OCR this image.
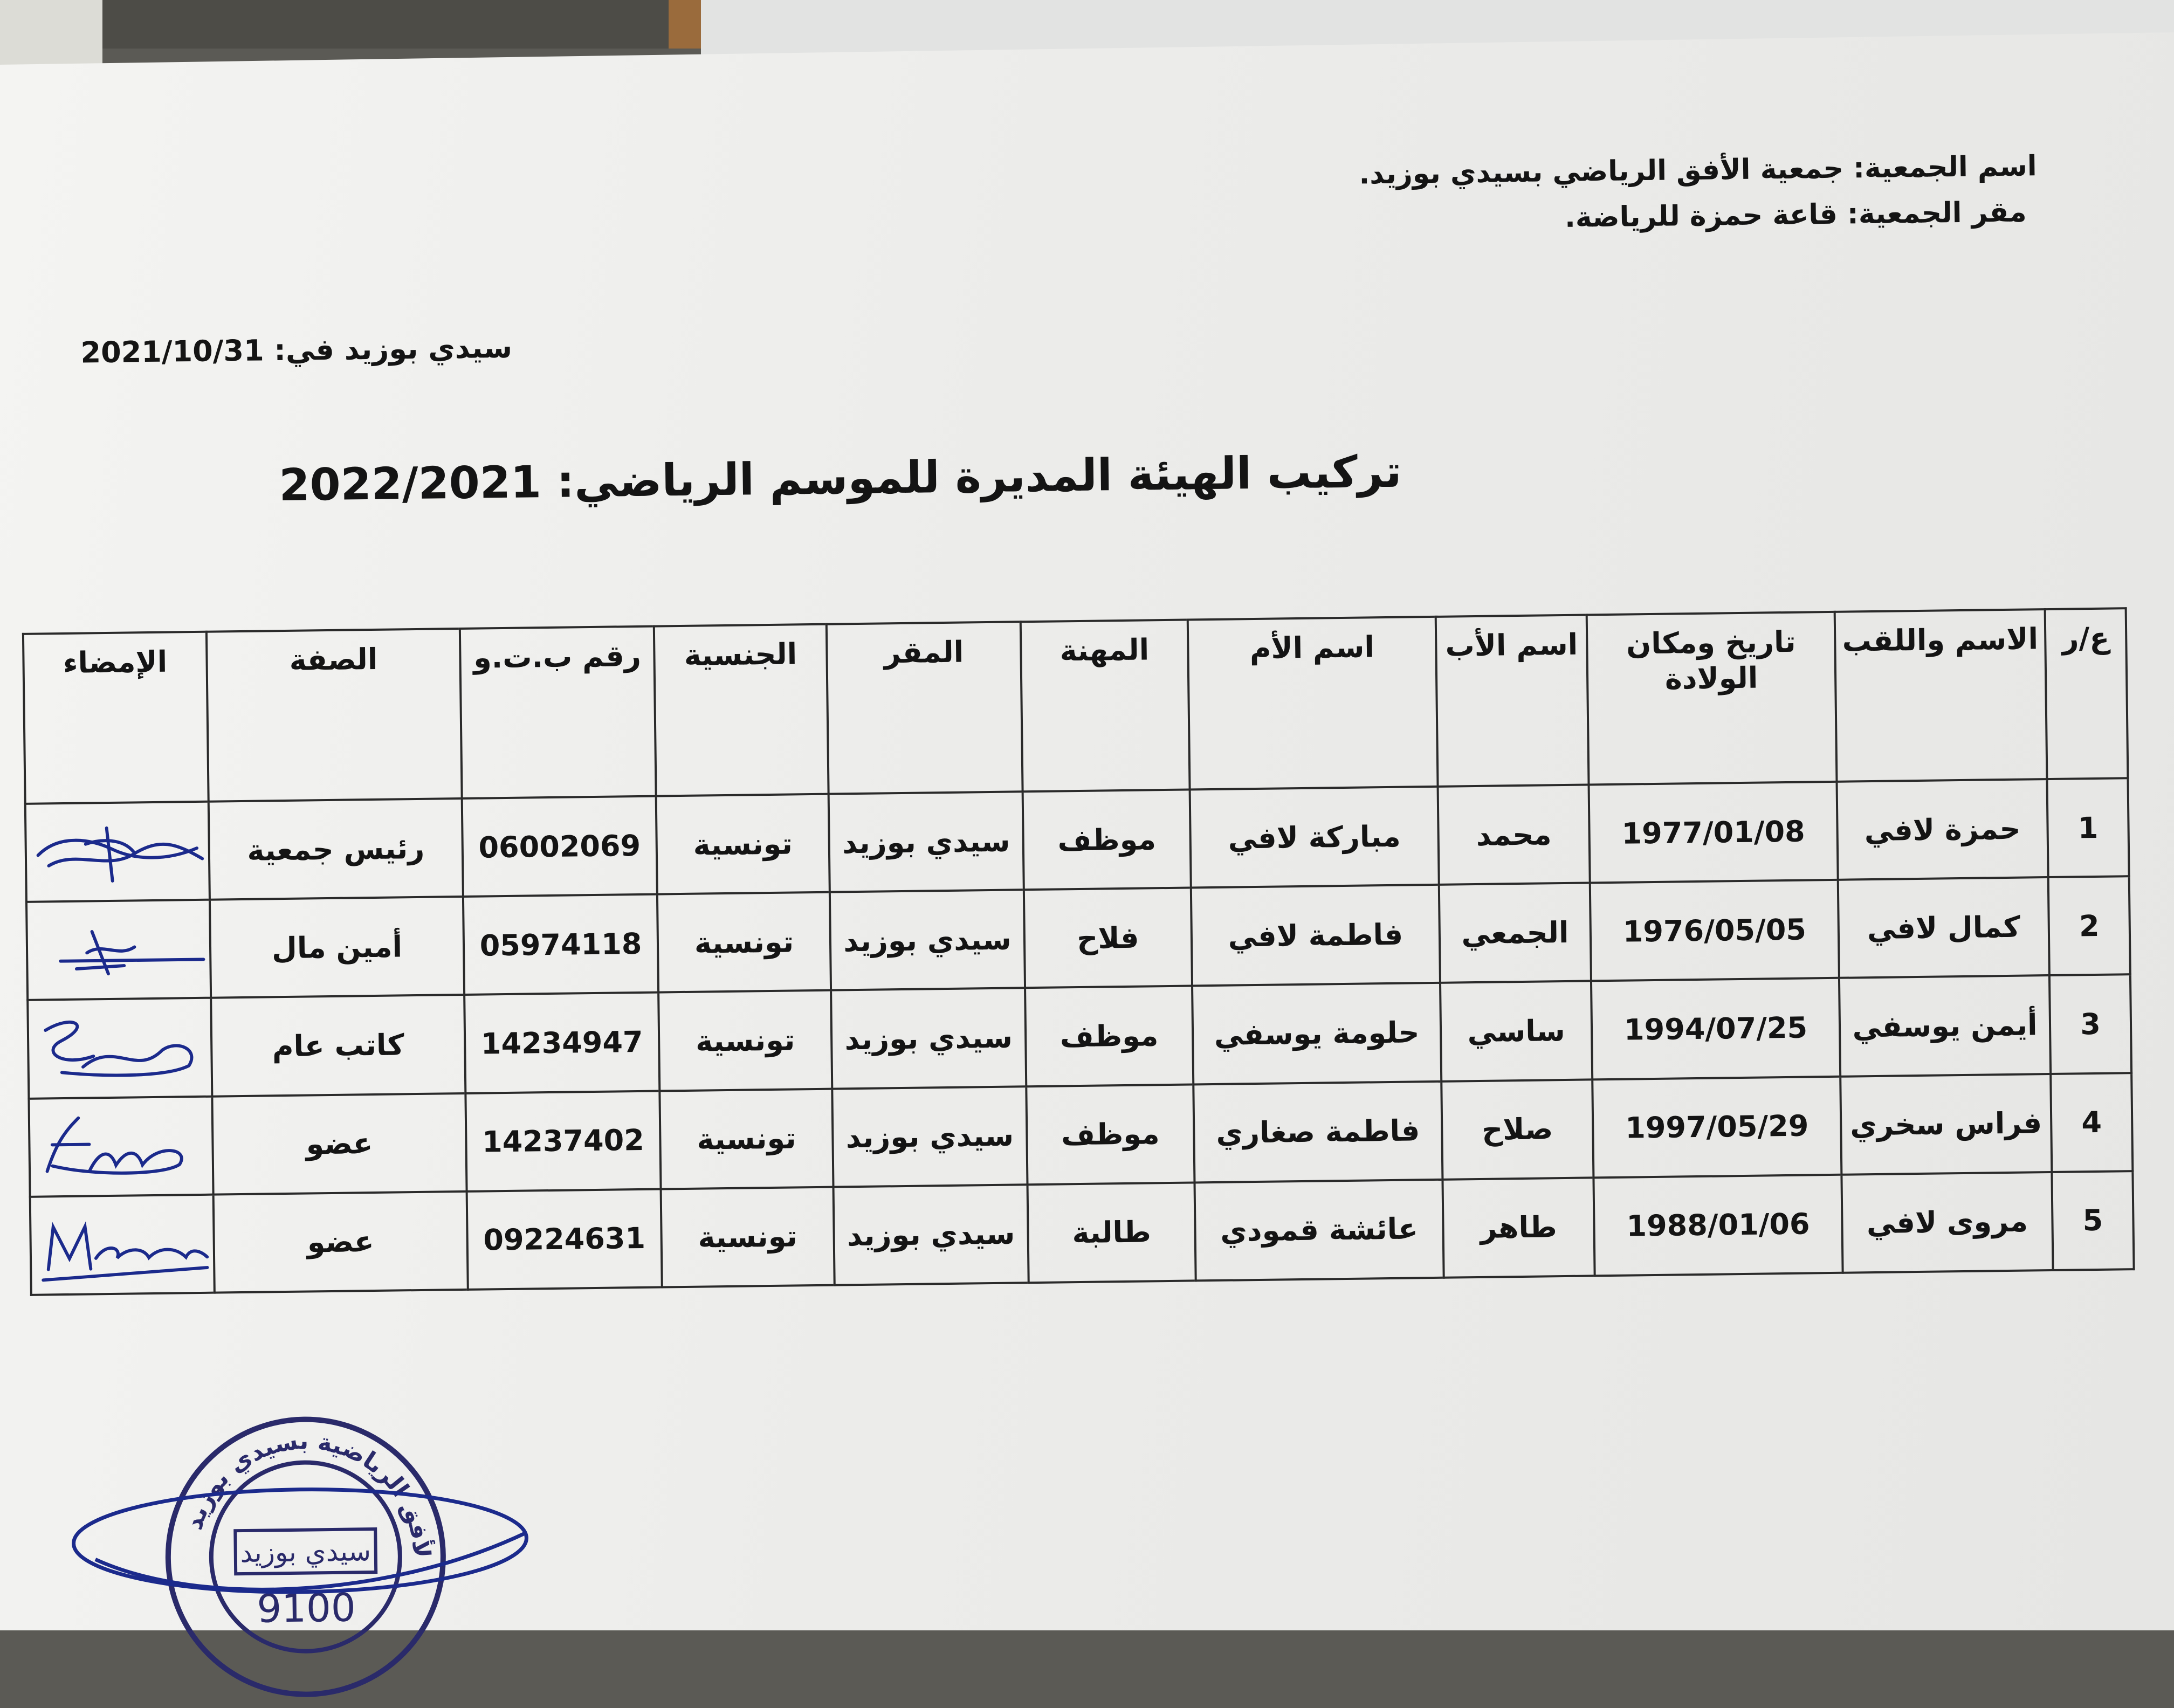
اسم الجمعية: جمعية الأفق الرياضي بسيدي بوزيد.
مقر الجمعية: قاعة حمزة للرياضة.
سيدي بوزيد في: 2021/10/31
تركيب الهيئة المديرة للموسم الرياضي: 2022/2021
ع/ر	الاسم واللقب	تاريخ ومكان الولادة	اسم الأب	اسم الأم	المهنة	المقر	الجنسية	رقم ب.ت.و	الصفة	الإمضاء
1	حمزة لافي	1977/01/08	محمد	مباركة لافي	موظف	سيدي بوزيد	تونسية	06002069	رئيس جمعية	

2	كمال لافي	1976/05/05	الجمعي	فاطمة لافي	فلاح	سيدي بوزيد	تونسية	05974118	أمين مال	

3	أيمن يوسفي	1994/07/25	ساسي	حلومة يوسفي	موظف	سيدي بوزيد	تونسية	14234947	كاتب عام	

4	فراس سخري	1997/05/29	صلاح	فاطمة صغاري	موظف	سيدي بوزيد	تونسية	14237402	عضو	

5	مروى لافي	1988/01/06	طاهر	عائشة قمودي	طالبة	سيدي بوزيد	تونسية	09224631	عضو	
الأفق الرياضية بسيدي بوزيد
سيدي بوزيد
9100
